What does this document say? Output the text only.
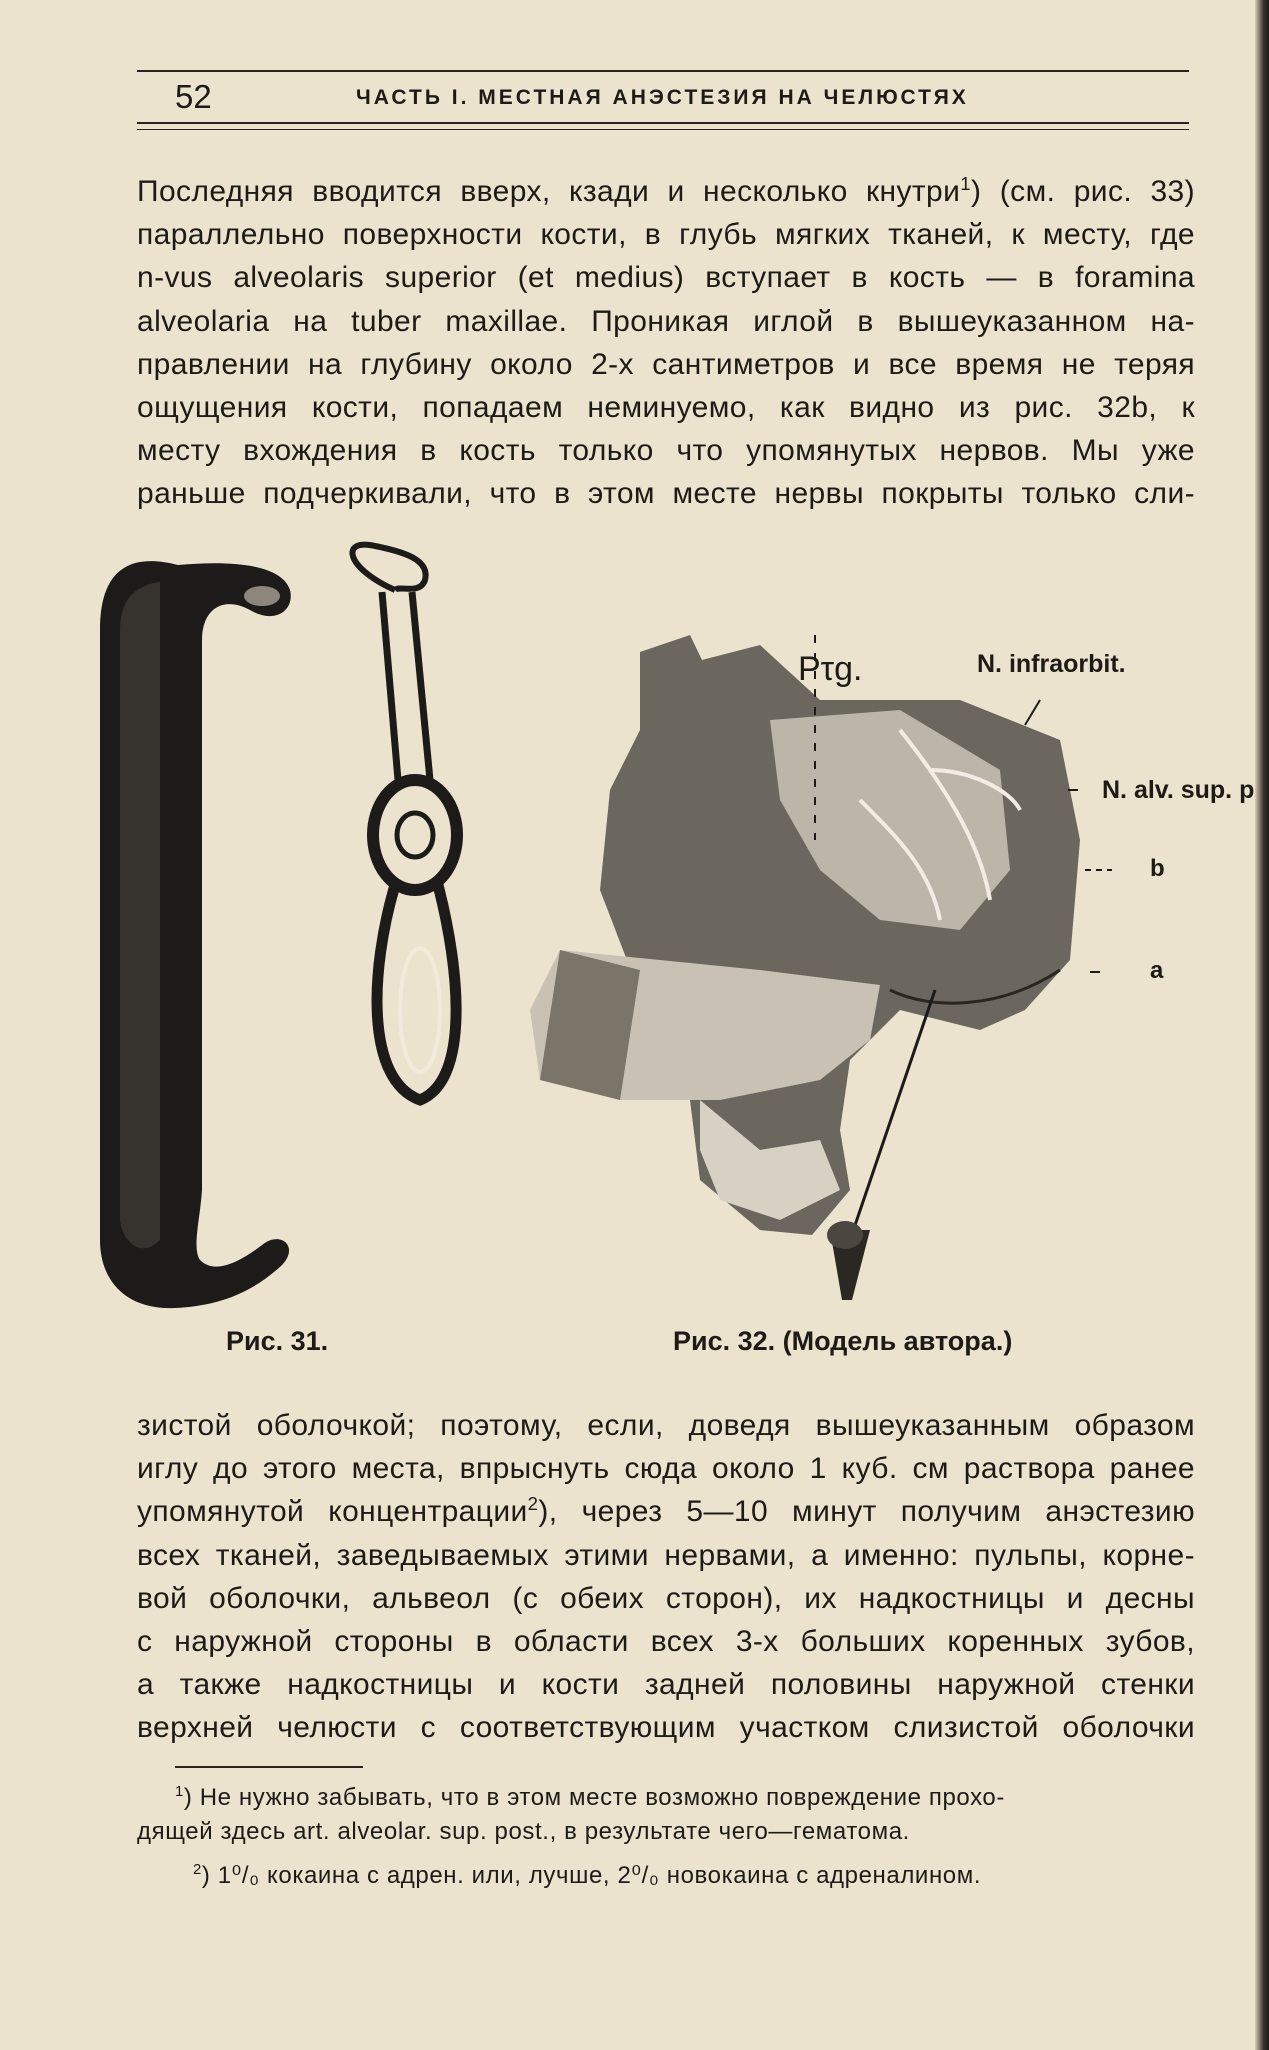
52	ЧАСТЬ I. МЕСТНАЯ АНЭСТЕЗИЯ НА ЧЕЛЮСТЯХ
Последняя вводится вверх, кзади и несколько кнутри$^1$) (см. рис. 33)
параллельно поверхности кости, в глубь мягких тканей, к месту, где
n-vus alveolaris superior (et medius) вступает в кость — в foramina
alveolaria на tuber maxillae. Проникая иглой в вышеуказанном на-
правлении на глубину около 2-х сантиметров и все время не теряя
ощущения кости, попадаем неминуемо, как видно из рис. 32b, к
месту вхождения в кость только что упомянутых нервов. Мы уже
раньше подчеркивали, что в этом месте нервы покрыты только сли-
Pτg.	N. infraorbit.
N. alv. sup. p
b
a
Рис. 31.	Рис. 32. (Модель автора.)
зистой оболочкой; поэтому, если, доведя вышеуказанным образом
иглу до этого места, впрыснуть сюда около 1 куб. см раствора ранее
упомянутой концентрации$^2$), через 5—10 минут получим анэстезию
всех тканей, заведываемых этими нервами, а именно: пульпы, корне-
вой оболочки, альвеол (с обеих сторон), их надкостницы и десны
с наружной стороны в области всех 3-х больших коренных зубов,
а также надкостницы и кости задней половины наружной стенки
верхней челюсти с соответствующим участком слизистой оболочки
$^1$) Не нужно забывать, что в этом месте возможно повреждение прохо-
дящей здесь art. alveolar. sup. post., в результате чего—гематома.
$^2$) 1⁰/₀ кокаина с адрен. или, лучше, 2⁰/₀ новокаина с адреналином.
